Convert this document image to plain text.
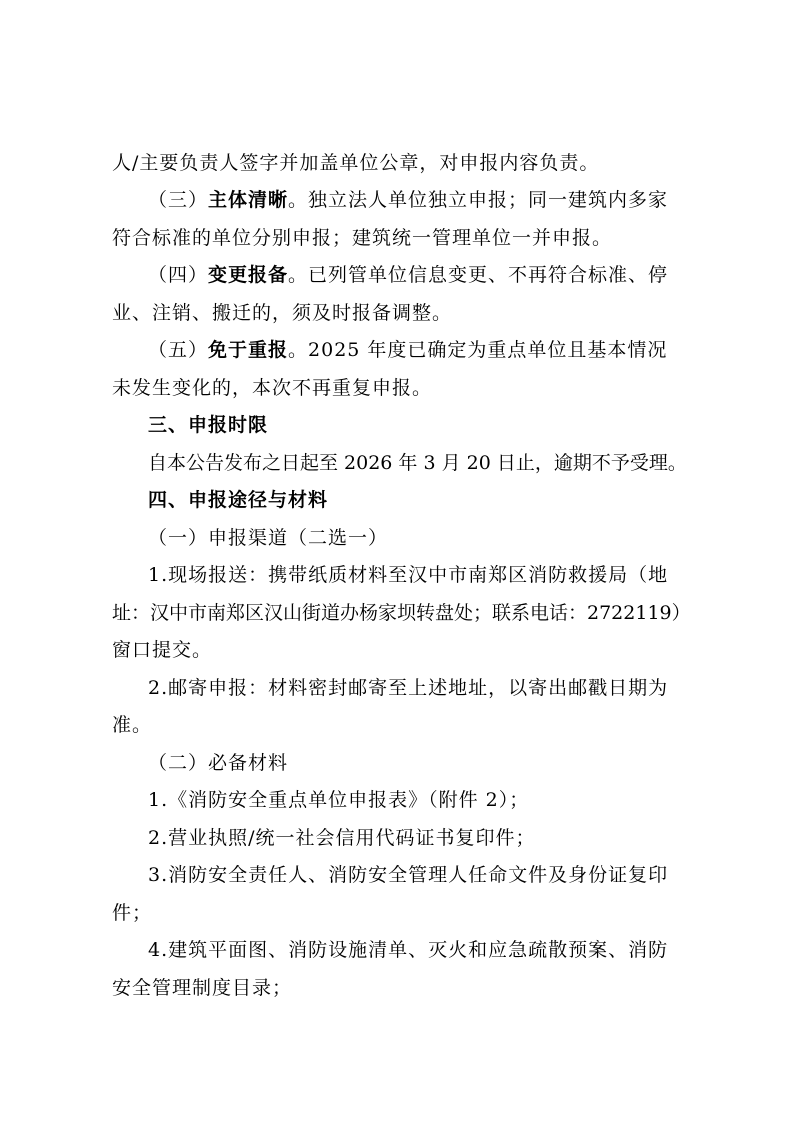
人/主要负责人签字并加盖单位公章，对申报内容负责。
（三）主体清晰。独立法人单位独立申报；同一建筑内多家
符合标准的单位分别申报；建筑统一管理单位一并申报。
（四）变更报备。已列管单位信息变更、不再符合标准、停
业、注销、搬迁的，须及时报备调整。
（五）免于重报。2025 年度已确定为重点单位且基本情况
未发生变化的，本次不再重复申报。
三、申报时限
自本公告发布之日起至 2026 年 3 月 20 日止，逾期不予受理。
四、申报途径与材料
（一）申报渠道（二选一）
1.现场报送：携带纸质材料至汉中市南郑区消防救援局（地
址：汉中市南郑区汉山街道办杨家坝转盘处；联系电话：2722119）
窗口提交。
2.邮寄申报：材料密封邮寄至上述地址，以寄出邮戳日期为
准。
（二）必备材料
1.《消防安全重点单位申报表》（附件 2）；
2.营业执照/统一社会信用代码证书复印件；
3.消防安全责任人、消防安全管理人任命文件及身份证复印
件；
4.建筑平面图、消防设施清单、灭火和应急疏散预案、消防
安全管理制度目录；
